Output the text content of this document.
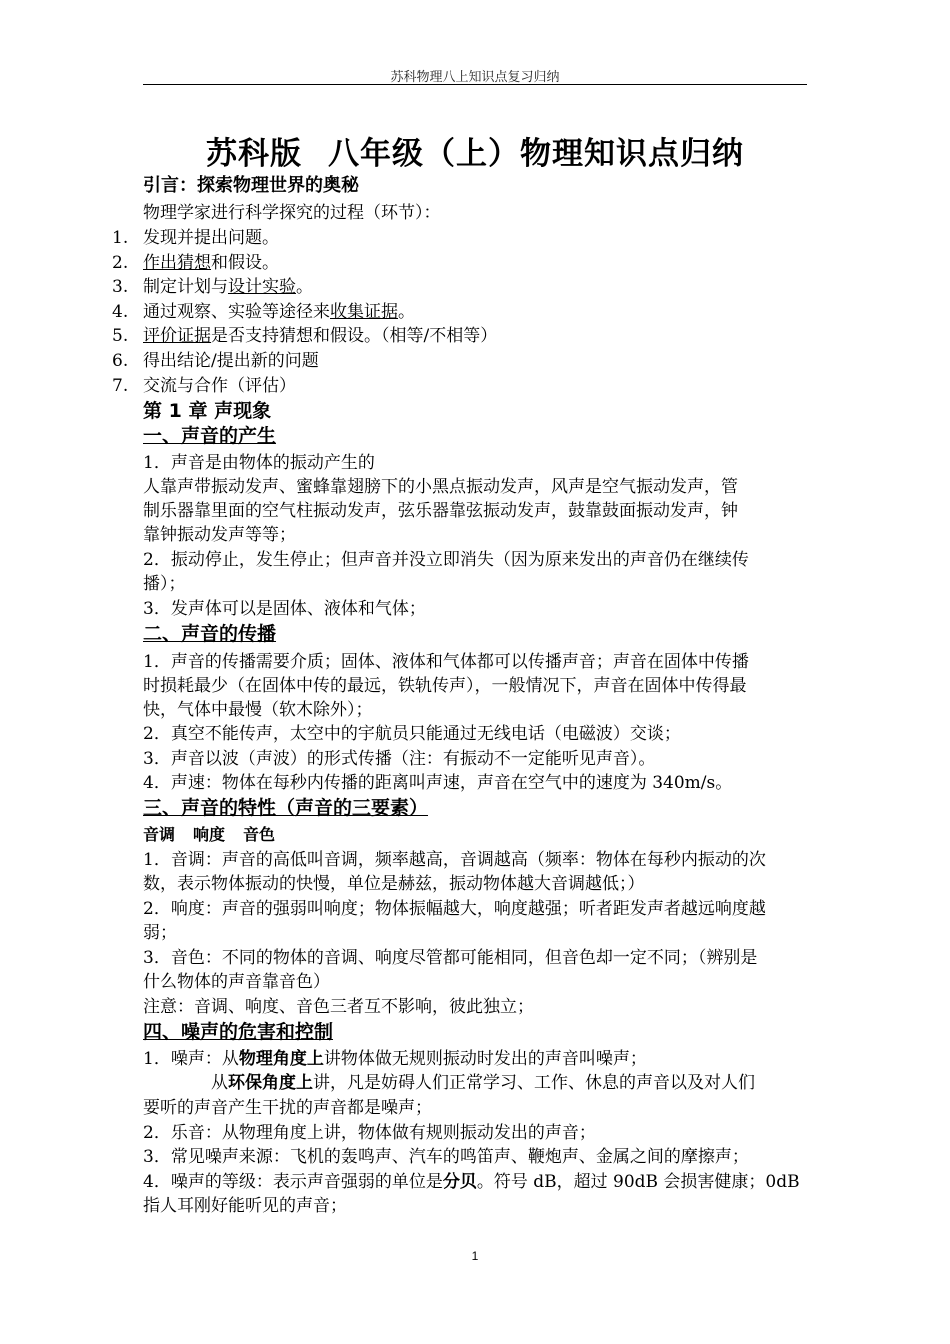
苏科物理八上知识点复习归纳
苏科版 八年级（上）物理知识点归纳
引言：探索物理世界的奥秘
物理学家进行科学探究的过程（环节）：
1. 发现并提出问题。
2. 作出猜想和假设。
3. 制定计划与设计实验。
4. 通过观察、实验等途径来收集证据。
5. 评价证据是否支持猜想和假设。（相等/不相等）
6. 得出结论/提出新的问题
7. 交流与合作（评估）
第 1 章 声现象
一、声音的产生
1．声音是由物体的振动产生的
人靠声带振动发声、蜜蜂靠翅膀下的小黑点振动发声，风声是空气振动发声，管
制乐器靠里面的空气柱振动发声，弦乐器靠弦振动发声，鼓靠鼓面振动发声，钟
靠钟振动发声等等；
2．振动停止，发生停止；但声音并没立即消失（因为原来发出的声音仍在继续传
播）；
3．发声体可以是固体、液体和气体；
二、声音的传播
1．声音的传播需要介质；固体、液体和气体都可以传播声音；声音在固体中传播
时损耗最少（在固体中传的最远，铁轨传声），一般情况下，声音在固体中传得最
快，气体中最慢（软木除外）；
2．真空不能传声，太空中的宇航员只能通过无线电话（电磁波）交谈；
3．声音以波（声波）的形式传播（注：有振动不一定能听见声音）。
4．声速：物体在每秒内传播的距离叫声速，声音在空气中的速度为 340m/s。
三、声音的特性（声音的三要素）
音调 响度 音色
1．音调：声音的高低叫音调，频率越高，音调越高（频率：物体在每秒内振动的次
数，表示物体振动的快慢，单位是赫兹，振动物体越大音调越低；）
2．响度：声音的强弱叫响度；物体振幅越大，响度越强；听者距发声者越远响度越
弱；
3．音色：不同的物体的音调、响度尽管都可能相同，但音色却一定不同；（辨别是
什么物体的声音靠音色）
注意：音调、响度、音色三者互不影响，彼此独立；
四、噪声的危害和控制
1．噪声：从物理角度上讲物体做无规则振动时发出的声音叫噪声；
从环保角度上讲，凡是妨碍人们正常学习、工作、休息的声音以及对人们
要听的声音产生干扰的声音都是噪声；
2．乐音：从物理角度上讲，物体做有规则振动发出的声音；
3．常见噪声来源：飞机的轰鸣声、汽车的鸣笛声、鞭炮声、金属之间的摩擦声；
4．噪声的等级：表示声音强弱的单位是分贝。符号 dB，超过 90dB 会损害健康；0dB
指人耳刚好能听见的声音；
1
